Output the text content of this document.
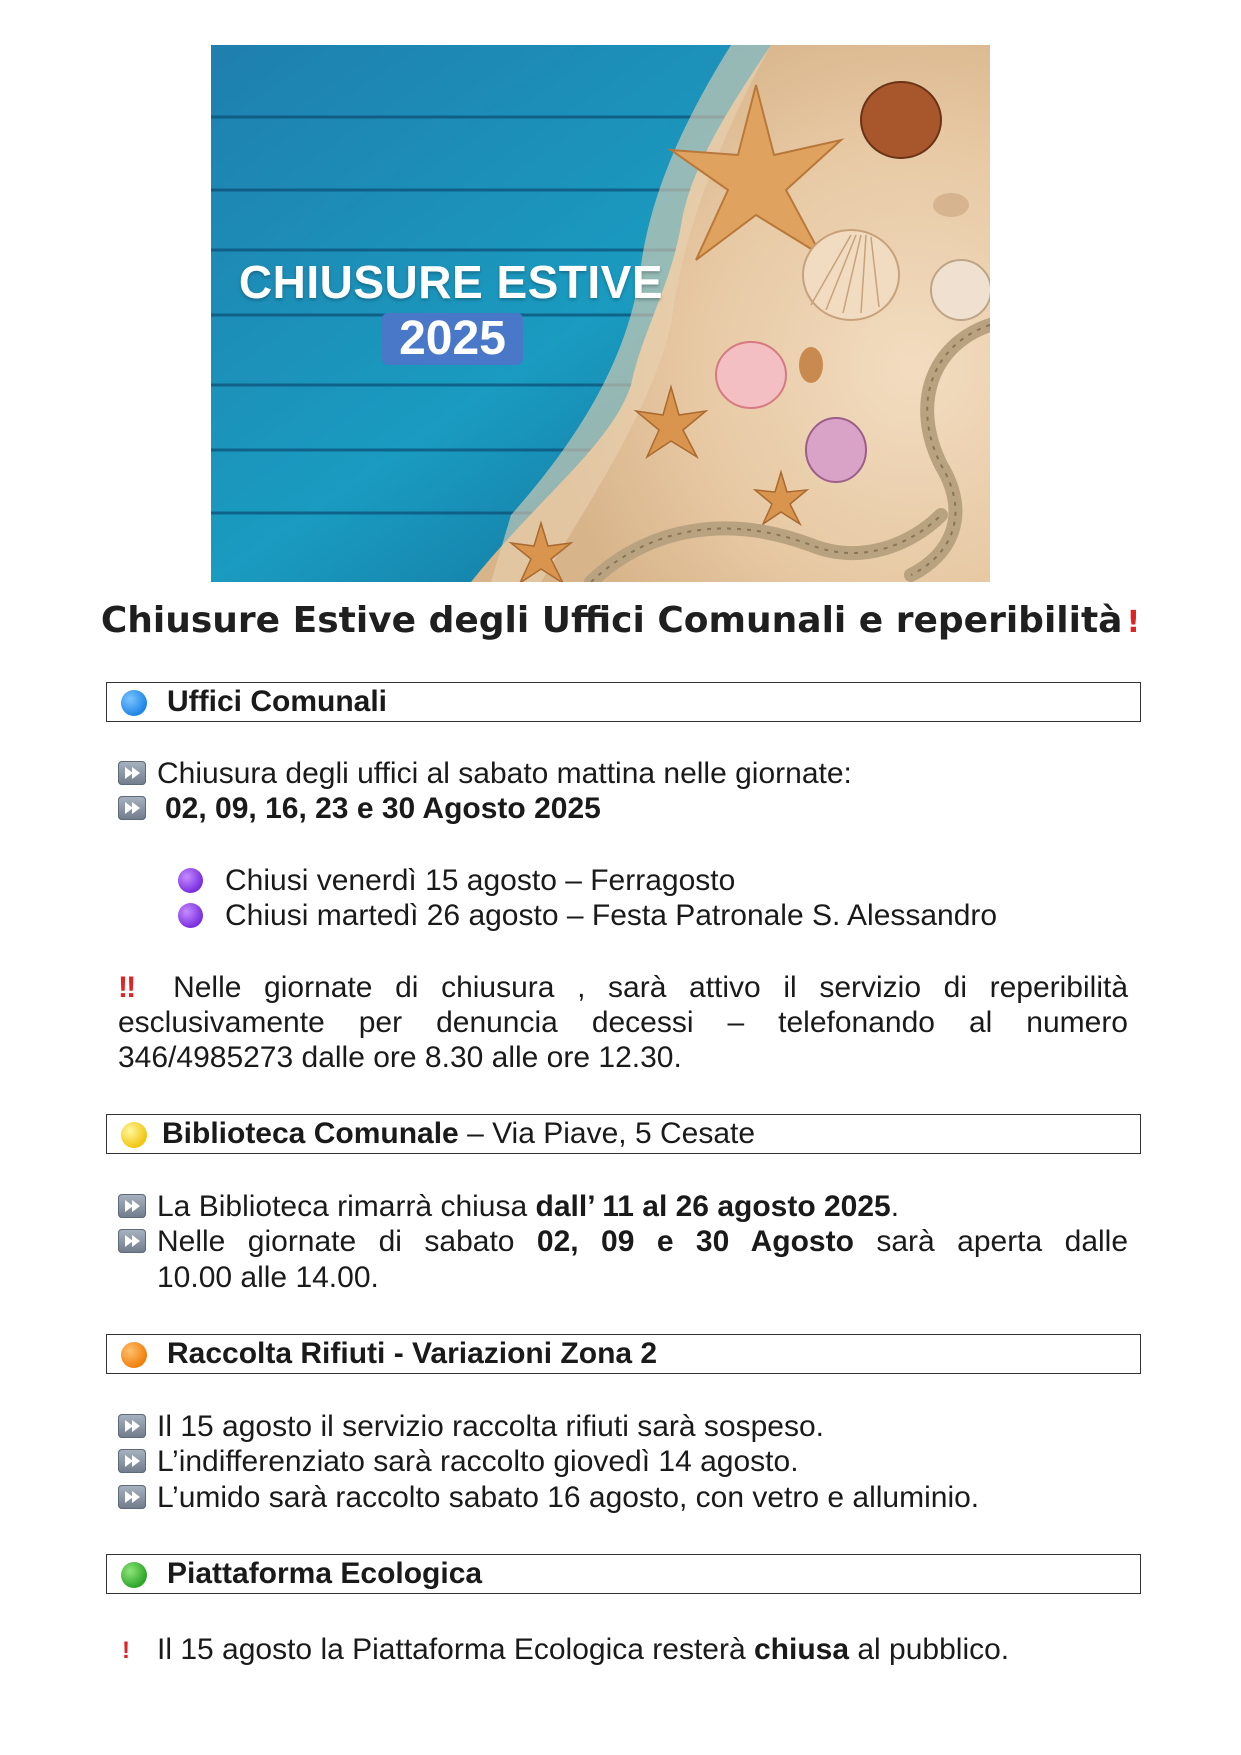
CHIUSURE ESTIVE
2025
Chiusure Estive degli Uffici Comunali e reperibilità !
Uffici Comunali
Chiusura degli uffici al sabato mattina nelle giornate:
02, 09, 16, 23 e 30 Agosto 2025
Chiusi venerdì 15 agosto – Ferragosto
Chiusi martedì 26 agosto – Festa Patronale S. Alessandro
‼ Nelle giornate di chiusura , sarà attivo il servizio di reperibilità esclusivamente per denuncia decessi – telefonando al numero 346/4985273 dalle ore 8.30 alle ore 12.30.
Biblioteca Comunale – Via Piave, 5 Cesate
La Biblioteca rimarrà chiusa dall’ 11 al 26 agosto 2025.
Nelle giornate di sabato 02, 09 e 30 Agosto sarà aperta dalle
10.00 alle 14.00.
Raccolta Rifiuti - Variazioni Zona 2
Il 15 agosto il servizio raccolta rifiuti sarà sospeso.
L’indifferenziato sarà raccolto giovedì 14 agosto.
L’umido sarà raccolto sabato 16 agosto, con vetro e alluminio.
Piattaforma Ecologica
! Il 15 agosto la Piattaforma Ecologica resterà chiusa al pubblico.
